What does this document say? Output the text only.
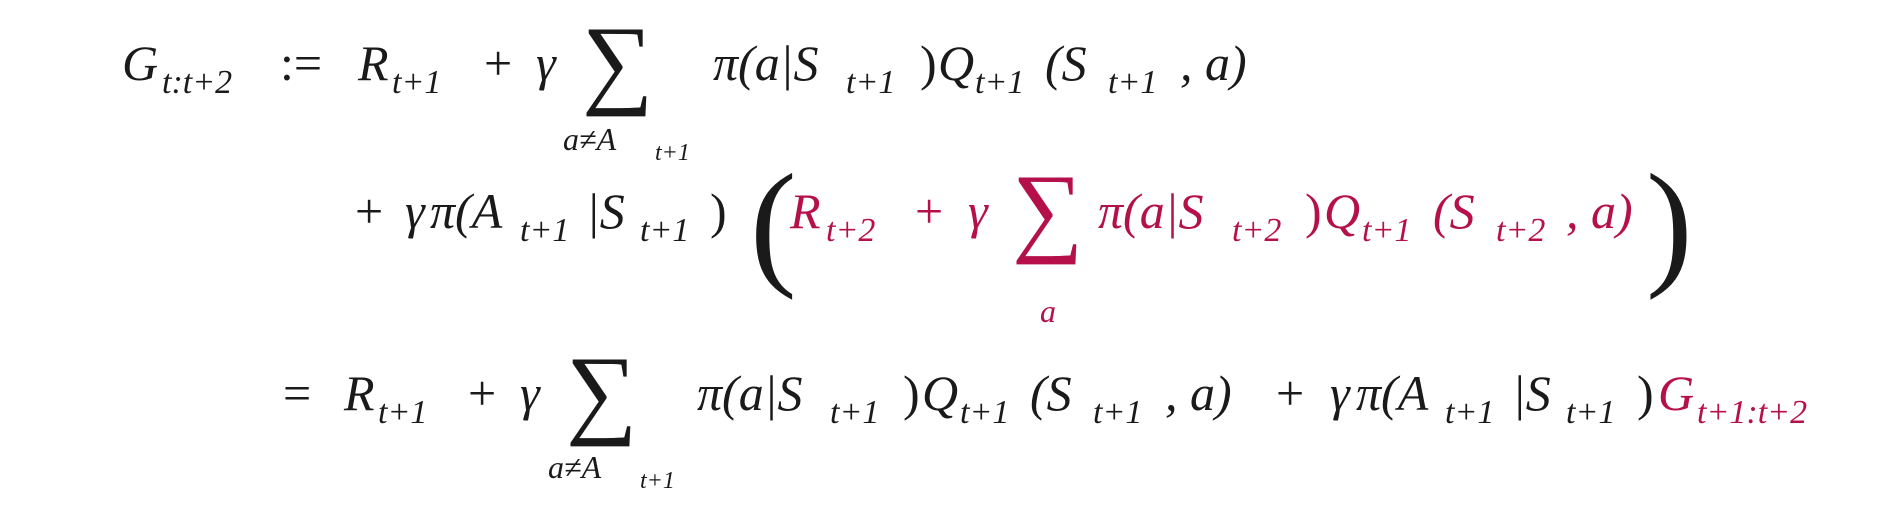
G t:t+2 := R t+1 + γ ∑
a≠A t+1
π(a|S t+1 ) Q t+1 (S t+1 , a)
+ γ π(A t+1 |S t+1 ) (
R t+2 + γ ∑
a
π(a|S t+2 ) Q t+1 (S t+2 , a) )
= R t+1 + γ ∑
a≠A t+1
π(a|S t+1 ) Q t+1 (S t+1 , a) + γ π(A t+1 |S t+1 ) G t+1:t+2
